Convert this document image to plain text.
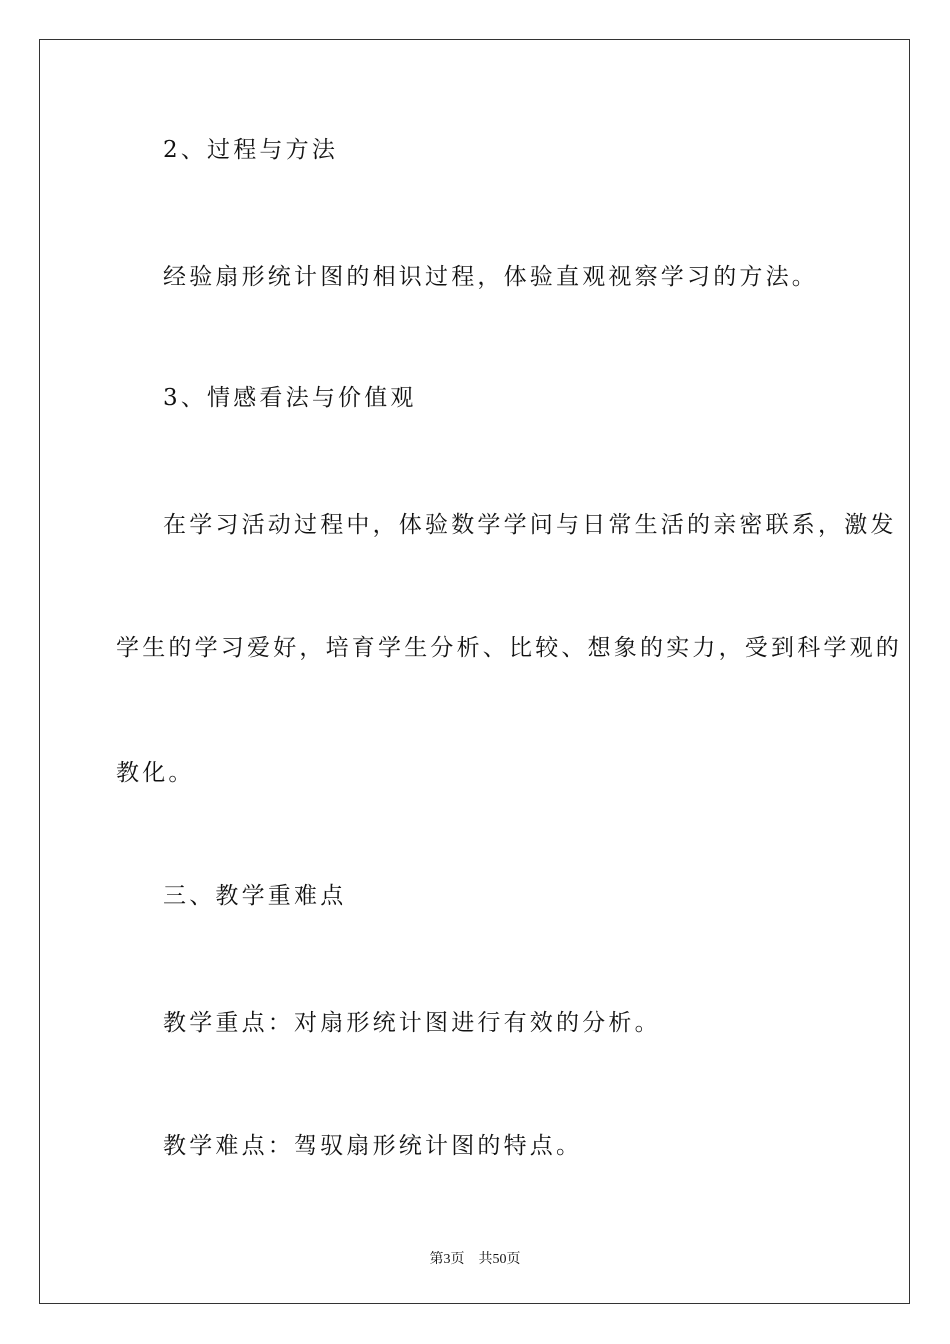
2、过程与方法
经验扇形统计图的相识过程，体验直观视察学习的方法。
3、情感看法与价值观
在学习活动过程中，体验数学学问与日常生活的亲密联系，激发
学生的学习爱好，培育学生分析、比较、想象的实力，受到科学观的
教化。
三、教学重难点
教学重点：对扇形统计图进行有效的分析。
教学难点：驾驭扇形统计图的特点。
第3页    共50页
